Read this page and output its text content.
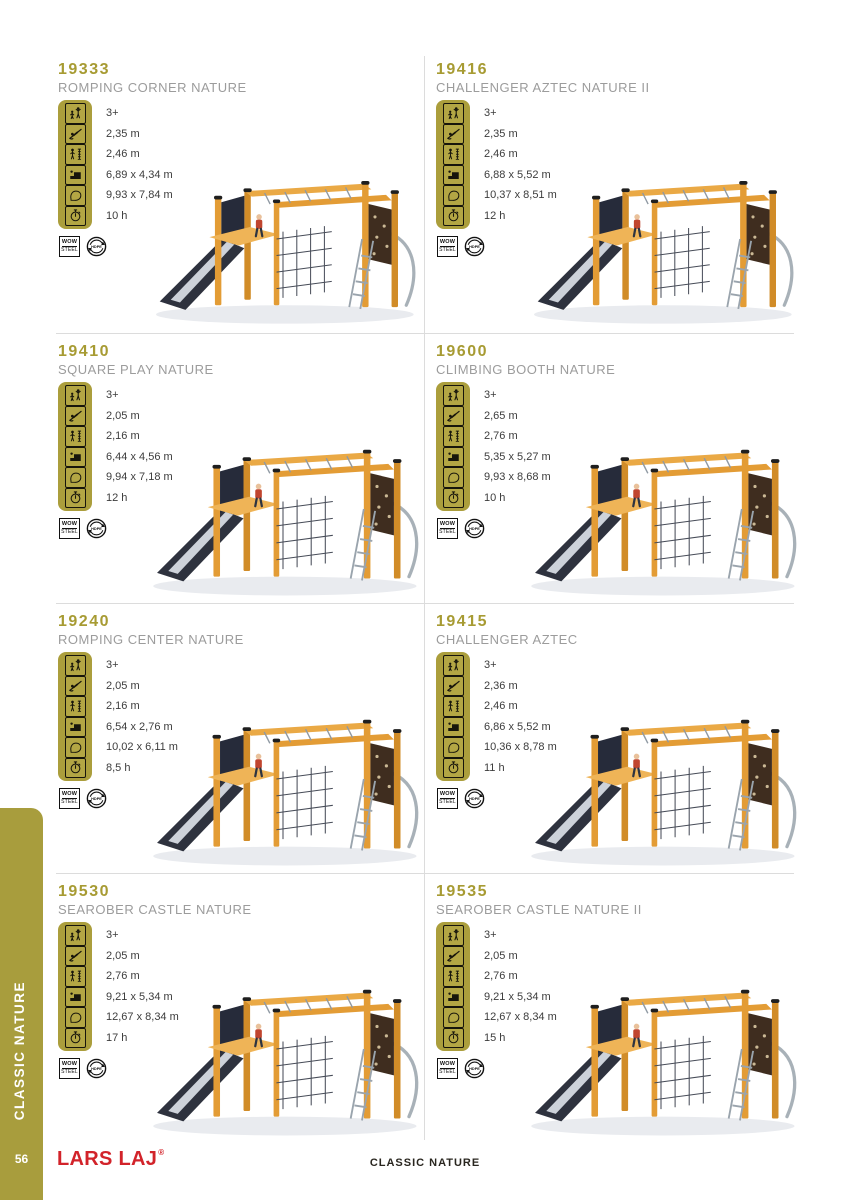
19333
ROMPING CORNER NATURE
3+
2,35 m
2,46 m
6,89 x 4,34 m
9,93 x 7,84 m
10 h
WOW
STEEL
HDPE
19416
CHALLENGER AZTEC NATURE II
3+
2,35 m
2,46 m
6,88 x 5,52 m
10,37 x 8,51 m
12 h
WOW
STEEL
HDPE
19410
SQUARE PLAY NATURE
3+
2,05 m
2,16 m
6,44 x 4,56 m
9,94 x 7,18 m
12 h
WOW
STEEL
HDPE
19600
CLIMBING BOOTH NATURE
3+
2,65 m
2,76 m
5,35 x 5,27 m
9,93 x 8,68 m
10 h
WOW
STEEL
HDPE
19240
ROMPING CENTER NATURE
3+
2,05 m
2,16 m
6,54 x 2,76 m
10,02 x 6,11 m
8,5 h
WOW
STEEL
HDPE
19415
CHALLENGER AZTEC
3+
2,36 m
2,46 m
6,86 x 5,52 m
10,36 x 8,78 m
11 h
WOW
STEEL
HDPE
19530
SEAROBER CASTLE NATURE
3+
2,05 m
2,76 m
9,21 x 5,34 m
12,67 x 8,34 m
17 h
WOW
STEEL
HDPE
19535
SEAROBER CASTLE NATURE II
3+
2,05 m
2,76 m
9,21 x 5,34 m
12,67 x 8,34 m
15 h
WOW
STEEL
HDPE
CLASSIC NATURE
56	LARS LAJ®
CLASSIC NATURE
